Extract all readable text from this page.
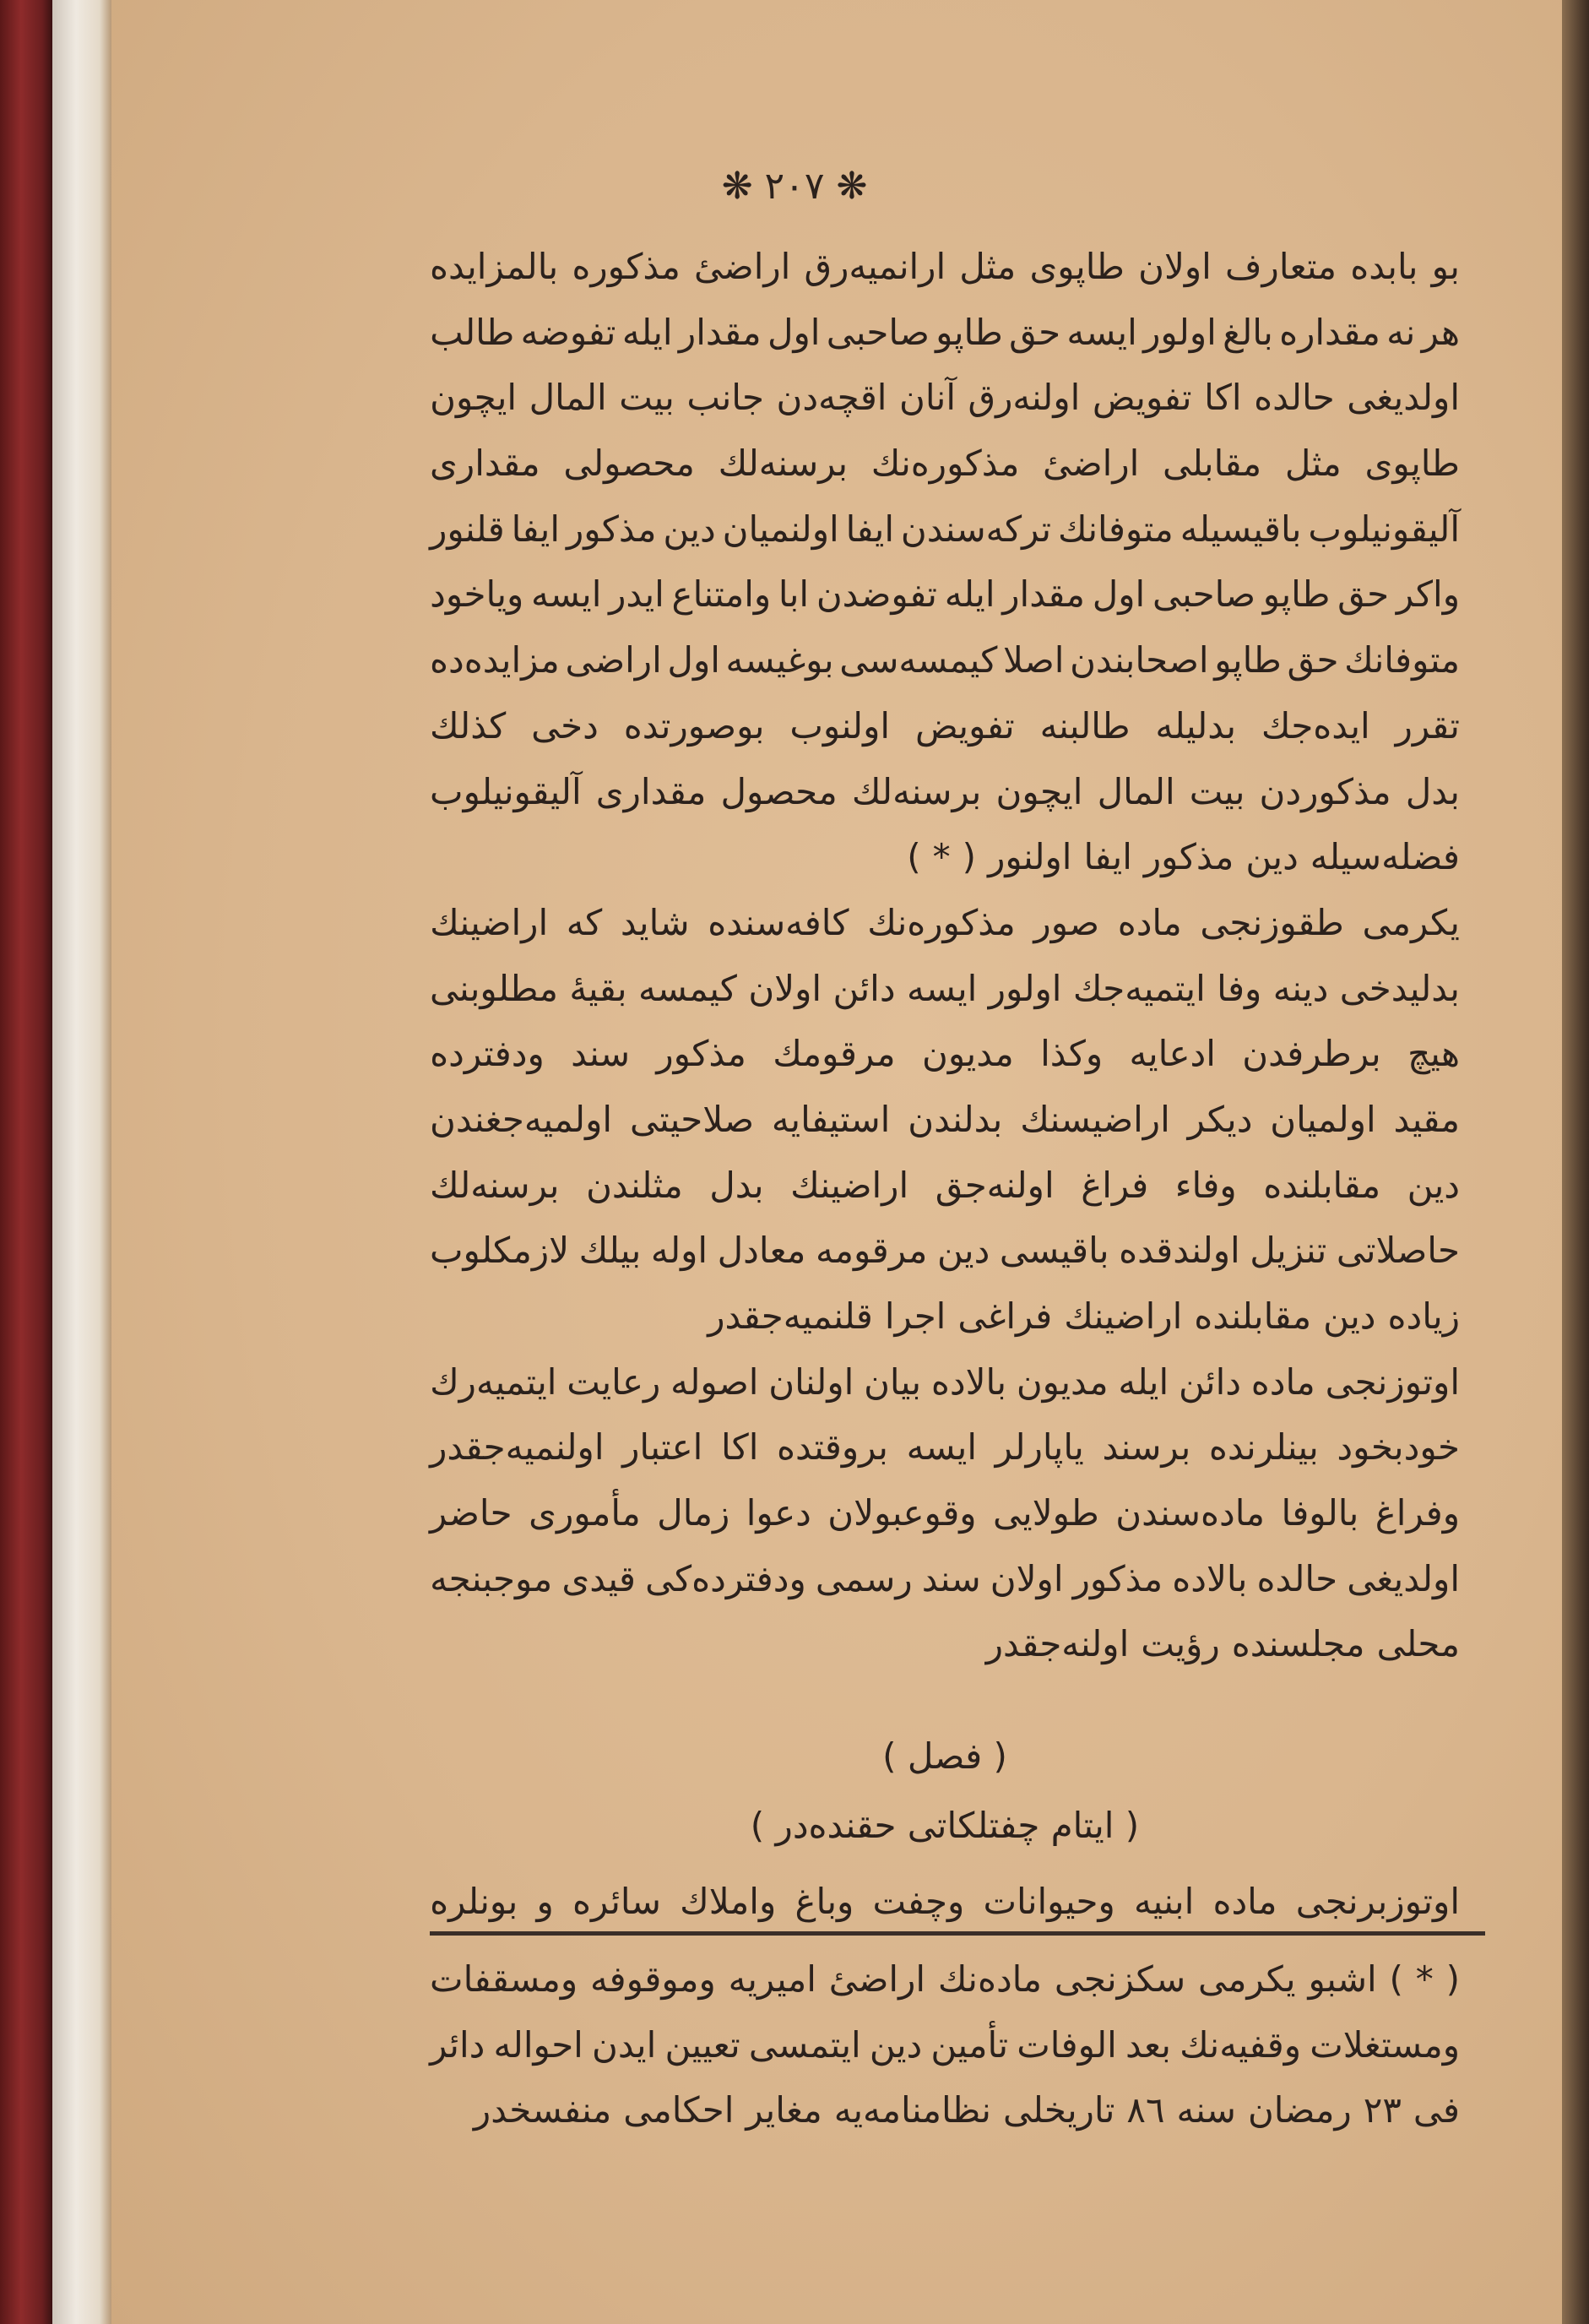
❋ ٢٠٧ ❋
بو
بابده
متعارف
اولان
طاپوی
مثل
ارانمیه‌رق
اراضیٔ
مذکوره
بالمزایده
هر
نه
مقداره
بالغ
اولور
ایسه
حق
طاپو
صاحبی
اول
مقدار
ایله
تفوضه
طالب
اولدیغی
حالده
اکا
تفویض
اولنه‌رق
آنان
اقچه‌دن
جانب
بیت
المال
ایچون
طاپوی
مثل
مقابلی
اراضیٔ
مذکوره‌نك
برسنه‌لك
محصولی
مقداری
آلیقونیلوب
باقیسیله
متوفانك
ترکه‌سندن
ایفا
اولنمیان
دین
مذکور
ایفا
قلنور
واکر
حق
طاپو
صاحبی
اول
مقدار
ایله
تفوضدن
ابا
وامتناع
ایدر
ایسه
ویاخود
متوفانك
حق
طاپو
اصحابندن
اصلا
کیمسه‌سی
بوغیسه
اول
اراضی
مزایده‌ده
تقرر
ایده‌جك
بدلیله
طالبنه
تفویض
اولنوب
بوصورتده
دخی
کذلك
بدل
مذکوردن
بیت
المال
ایچون
برسنه‌لك
محصول
مقداری
آلیقونیلوب
فضله‌سیله
دین
مذکور
ایفا
اولنور
(
*
)
یکرمی
طقوزنجی
ماده
صور
مذکوره‌نك
کافه‌سنده
شاید
که
اراضینك
بدلیدخی
دینه
وفا
ایتمیه‌جك
اولور
ایسه
دائن
اولان
کیمسه
بقیهٔ
مطلوبنی
هیچ
برطرفدن
ادعایه
وکذا
مدیون
مرقومك
مذکور
سند
ودفترده
مقید
اولمیان
دیکر
اراضیسنك
بدلندن
استیفایه
صلاحیتی
اولمیه‌جغندن
دین
مقابلنده
وفاء
فراغ
اولنه‌جق
اراضینك
بدل
مثلندن
برسنه‌لك
حاصلاتی
تنزیل
اولندقده
باقیسی
دین
مرقومه
معادل
اوله
بیلك
لازمکلوب
زیاده
دین
مقابلنده
اراضینك
فراغی
اجرا
قلنمیه‌جقدر
اوتوزنجی
ماده
دائن
ایله
مدیون
بالاده
بیان
اولنان
اصوله
رعایت
ایتمیه‌رك
خودبخود
بینلرنده
برسند
یاپارلر
ایسه
بروقتده
اکا
اعتبار
اولنمیه‌جقدر
وفراغ
بالوفا
ماده‌سندن
طولایی
وقوعبولان
دعوا
زمال
مأموری
حاضر
اولدیغی
حالده
بالاده
مذکور
اولان
سند
رسمی
ودفترده‌کی
قیدی
موجبنجه
محلی
مجلسنده
رؤیت
اولنه‌جقدر
( فصل )
( ایتام چفتلکاتی حقنده‌در )
اوتوزبرنجی
ماده
ابنیه
وحیوانات
وچفت
وباغ
واملاك
سائره
و
بونلره
(
*
)
اشبو
یکرمی
سکزنجی
ماده‌نك
اراضیٔ
امیریه
وموقوفه
ومسقفات
ومستغلات
وقفیه‌نك
بعد
الوفات
تأمین
دین
ایتمسی
تعیین
ایدن
احواله
دائر
فی
۲۳
رمضان
سنه
۸٦
تاریخلی
نظامنامه‌یه
مغایر
احکامی
منفسخدر
